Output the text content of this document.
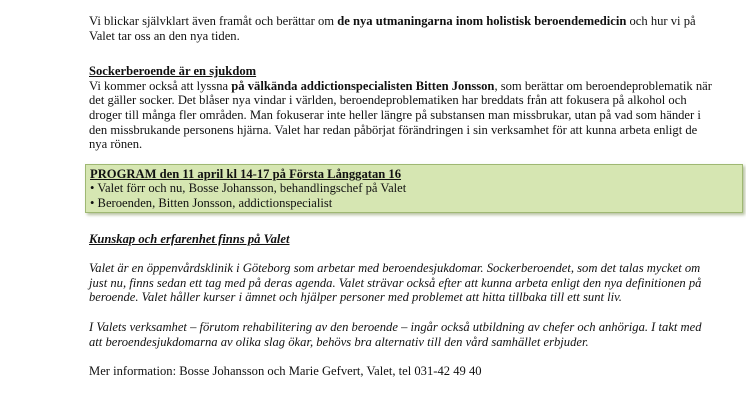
Vi blickar självklart även framåt och berättar om de nya utmaningarna inom holistisk beroendemedicin och hur vi på Valet tar oss an den nya tiden.

Sockerberoende är en sjukdom
Vi kommer också att lyssna på välkända addictionspecialisten Bitten Jonsson, som berättar om beroendeproblematik när det gäller socker. Det blåser nya vindar i världen, beroendeproblematiken har breddats från att fokusera på alkohol och droger till många fler områden. Man fokuserar inte heller längre på substansen man missbrukar, utan på vad som händer i den missbrukande personens hjärna. Valet har redan påbörjat förändringen i sin verksamhet för att kunna arbeta enligt de nya rönen.
PROGRAM den 11 april kl 14-17 på Första Långgatan 16
• Valet förr och nu, Bosse Johansson, behandlingschef på Valet
• Beroenden, Bitten Jonsson, addictionspecialist
Kunskap och erfarenhet finns på Valet

Valet är en öppenvårdsklinik i Göteborg som arbetar med beroendesjukdomar. Sockerberoendet, som det talas mycket om just nu, finns sedan ett tag med på deras agenda. Valet strävar också efter att kunna arbeta enligt den nya definitionen på beroende. Valet håller kurser i ämnet och hjälper personer med problemet att hitta tillbaka till ett sunt liv.

I Valets verksamhet – förutom rehabilitering av den beroende – ingår också utbildning av chefer och anhöriga. I takt med att beroendesjukdomarna av olika slag ökar, behövs bra alternativ till den vård samhället erbjuder.

Mer information: Bosse Johansson och Marie Gefvert, Valet, tel 031-42 49 40
